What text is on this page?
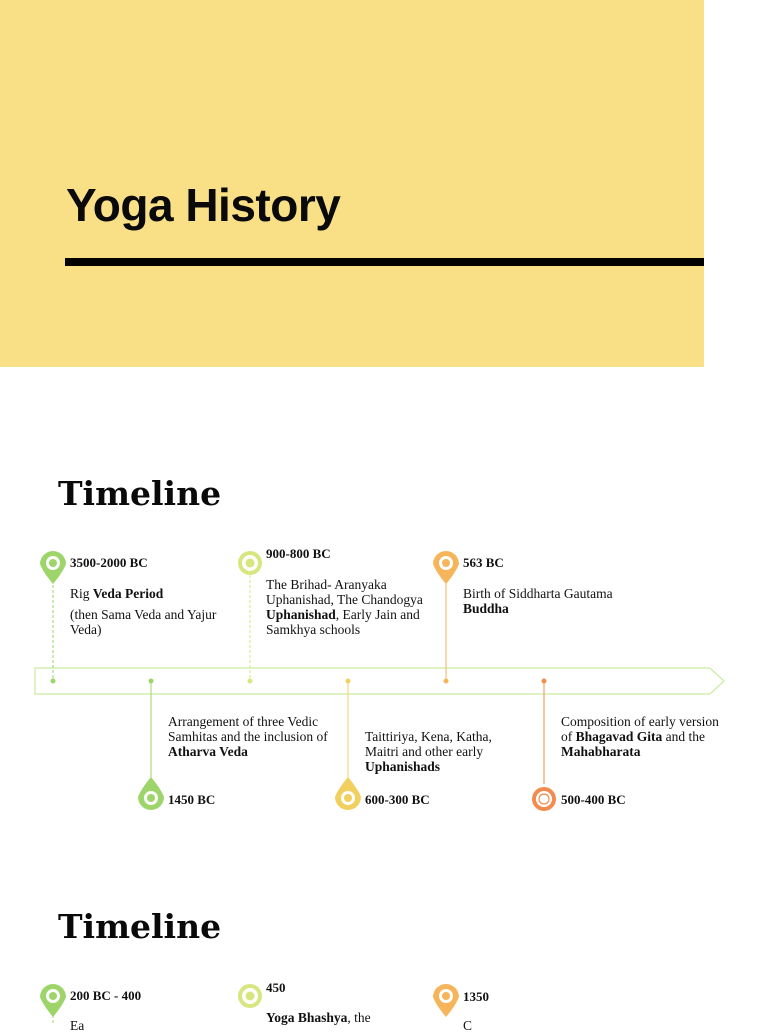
Yoga History
Timeline
3500-2000 BC
Rig Veda Period
(then Sama Veda and Yajur Veda)
1450 BC
Arrangement of three Vedic Samhitas and the inclusion of Atharva Veda
900-800 BC
The Brihad- Aranyaka Uphanishad, The Chandogya Uphanishad, Early Jain and Samkhya schools
600-300 BC
Taittiriya, Kena, Katha, Maitri and other early Uphanishads
563 BC
Birth of Siddharta Gautama Buddha
500-400 BC
Composition of early version of Bhagavad Gita and the Mahabharata
Timeline
200 BC - 400
Ea
450
Yoga Bhashya, the
1350
C
